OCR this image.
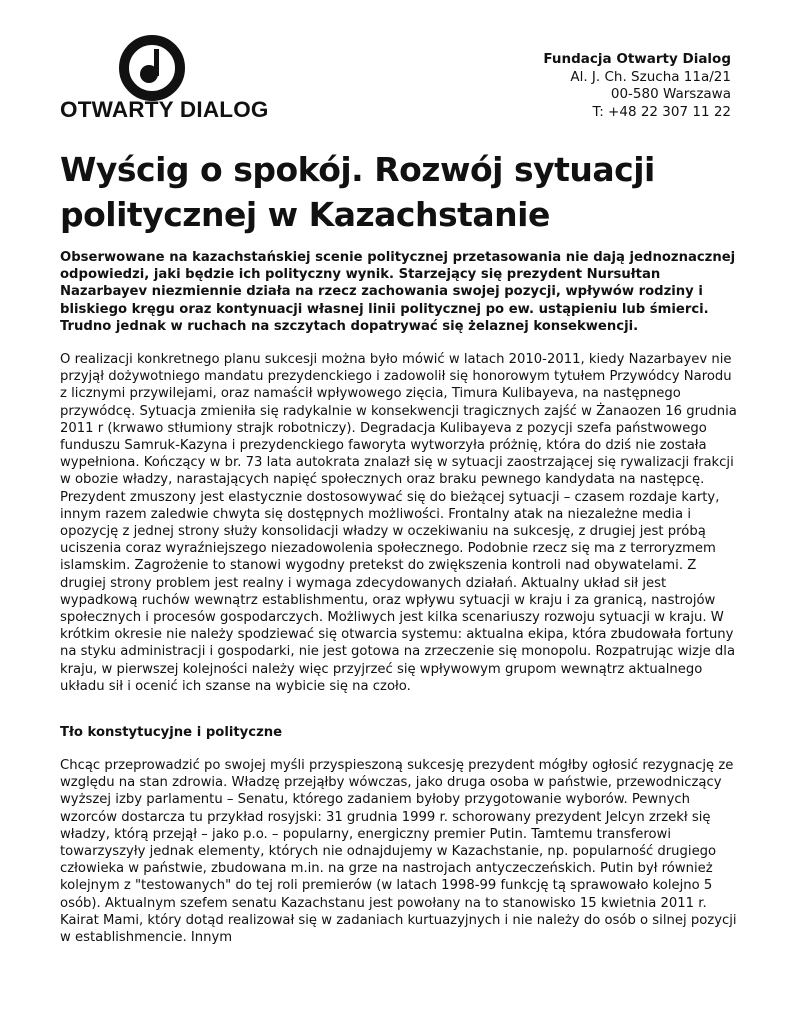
OTWARTY DIALOG
Fundacja Otwarty Dialog
Al. J. Ch. Szucha 11a/21
00-580 Warszawa
T: +48 22 307 11 22
Wyścig o spokój. Rozwój sytuacji politycznej w Kazachstanie

Obserwowane na kazachstańskiej scenie politycznej przetasowania nie dają jednoznacznej odpowiedzi, jaki będzie ich polityczny wynik. Starzejący się prezydent Nursułtan Nazarbayev niezmiennie działa na rzecz zachowania swojej pozycji, wpływów rodziny i bliskiego kręgu oraz kontynuacji własnej linii politycznej po ew. ustąpieniu lub śmierci. Trudno jednak w ruchach na szczytach dopatrywać się żelaznej konsekwencji.

O realizacji konkretnego planu sukcesji można było mówić w latach 2010-2011, kiedy Nazarbayev nie przyjął dożywotniego mandatu prezydenckiego i zadowolił się honorowym tytułem Przywódcy Narodu z licznymi przywilejami, oraz namaścił wpływowego zięcia, Timura Kulibayeva, na następnego przywódcę. Sytuacja zmieniła się radykalnie w konsekwencji tragicznych zajść w Żanaozen 16 grudnia 2011 r (krwawo stłumiony strajk robotniczy). Degradacja Kulibayeva z pozycji szefa państwowego funduszu Samruk-Kazyna i prezydenckiego faworyta wytworzyła próżnię, która do dziś nie została wypełniona. Kończący w br. 73 lata autokrata znalazł się w sytuacji zaostrzającej się rywalizacji frakcji w obozie władzy, narastających napięć społecznych oraz braku pewnego kandydata na następcę. Prezydent zmuszony jest elastycznie dostosowywać się do bieżącej sytuacji – czasem rozdaje karty, innym razem zaledwie chwyta się dostępnych możliwości. Frontalny atak na niezależne media i opozycję z jednej strony służy konsolidacji władzy w oczekiwaniu na sukcesję, z drugiej jest próbą uciszenia coraz wyraźniejszego niezadowolenia społecznego. Podobnie rzecz się ma z terroryzmem islamskim. Zagrożenie to stanowi wygodny pretekst do zwiększenia kontroli nad obywatelami. Z drugiej strony problem jest realny i wymaga zdecydowanych działań. Aktualny układ sił jest wypadkową ruchów wewnątrz establishmentu, oraz wpływu sytuacji w kraju i za granicą, nastrojów społecznych i procesów gospodarczych. Możliwych jest kilka scenariuszy rozwoju sytuacji w kraju. W krótkim okresie nie należy spodziewać się otwarcia systemu: aktualna ekipa, która zbudowała fortuny na styku administracji i gospodarki, nie jest gotowa na zrzeczenie się monopolu. Rozpatrując wizje dla kraju, w pierwszej kolejności należy więc przyjrzeć się wpływowym grupom wewnątrz aktualnego układu sił i ocenić ich szanse na wybicie się na czoło.

Tło konstytucyjne i polityczne

Chcąc przeprowadzić po swojej myśli przyspieszoną sukcesję prezydent mógłby ogłosić rezygnację ze względu na stan zdrowia. Władzę przejąłby wówczas, jako druga osoba w państwie, przewodniczący wyższej izby parlamentu – Senatu, którego zadaniem byłoby przygotowanie wyborów. Pewnych wzorców dostarcza tu przykład rosyjski: 31 grudnia 1999 r. schorowany prezydent Jelcyn zrzekł się władzy, którą przejął – jako p.o. – popularny, energiczny premier Putin. Tamtemu transferowi towarzyszyły jednak elementy, których nie odnajdujemy w Kazachstanie, np. popularność drugiego człowieka w państwie, zbudowana m.in. na grze na nastrojach antyczeczeńskich. Putin był również kolejnym z "testowanych" do tej roli premierów (w latach 1998-99 funkcję tą sprawowało kolejno 5 osób). Aktualnym szefem senatu Kazachstanu jest powołany na to stanowisko 15 kwietnia 2011 r. Kairat Mami, który dotąd realizował się w zadaniach kurtuazyjnych i nie należy do osób o silnej pozycji w establishmencie. Innym
